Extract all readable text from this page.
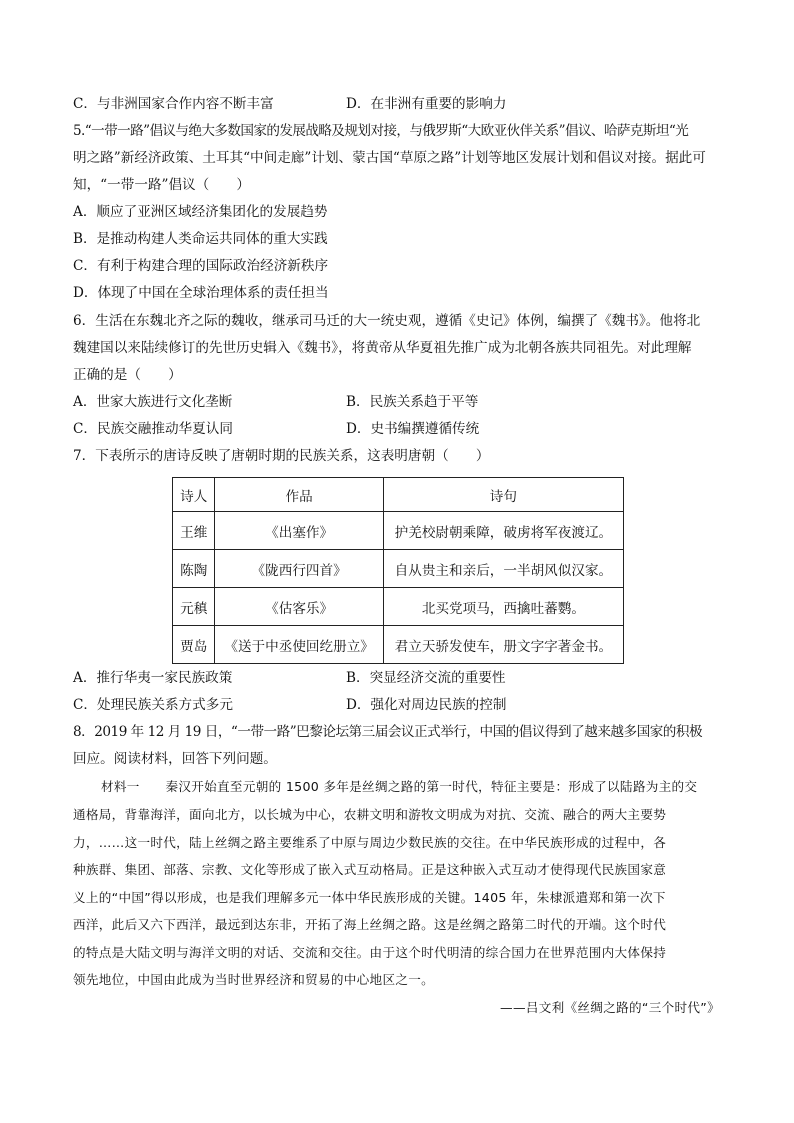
C．与非洲国家合作内容不断丰富	D．在非洲有重要的影响力
5.“一带一路”倡议与绝大多数国家的发展战略及规划对接，与俄罗斯“大欧亚伙伴关系”倡议、哈萨克斯坦“光
明之路”新经济政策、土耳其“中间走廊”计划、蒙古国“草原之路”计划等地区发展计划和倡议对接。据此可
知，“一带一路”倡议（　　）
A．顺应了亚洲区域经济集团化的发展趋势
B．是推动构建人类命运共同体的重大实践
C．有利于构建合理的国际政治经济新秩序
D．体现了中国在全球治理体系的责任担当
6．生活在东魏北齐之际的魏收，继承司马迁的大一统史观，遵循《史记》体例，编撰了《魏书》。他将北
魏建国以来陆续修订的先世历史辑入《魏书》，将黄帝从华夏祖先推广成为北朝各族共同祖先。对此理解
正确的是（　　）
A．世家大族进行文化垄断	B．民族关系趋于平等
C．民族交融推动华夏认同	D．史书编撰遵循传统
7．下表所示的唐诗反映了唐朝时期的民族关系，这表明唐朝（　　）
诗人	作品	诗句
王维	《出塞作》	护羌校尉朝乘障，破虏将军夜渡辽。
陈陶	《陇西行四首》	自从贵主和亲后，一半胡风似汉家。
元稹	《估客乐》	北买党项马，西擒吐蕃鹦。
贾岛	《送于中丞使回纥册立》	君立天骄发使车，册文字字著金书。
A．推行华夷一家民族政策	B．突显经济交流的重要性
C．处理民族关系方式多元	D．强化对周边民族的控制
8．2019 年 12 月 19 日，“一带一路”巴黎论坛第三届会议正式举行，中国的倡议得到了越来越多国家的积极
回应。阅读材料，回答下列问题。
材料一　　秦汉开始直至元朝的 1500 多年是丝绸之路的第一时代，特征主要是：形成了以陆路为主的交
通格局，背靠海洋，面向北方，以长城为中心，农耕文明和游牧文明成为对抗、交流、融合的两大主要势
力，……这一时代，陆上丝绸之路主要维系了中原与周边少数民族的交往。在中华民族形成的过程中，各
种族群、集团、部落、宗教、文化等形成了嵌入式互动格局。正是这种嵌入式互动才使得现代民族国家意
义上的“中国”得以形成，也是我们理解多元一体中华民族形成的关键。1405 年，朱棣派遣郑和第一次下
西洋，此后又六下西洋，最远到达东非，开拓了海上丝绸之路。这是丝绸之路第二时代的开端。这个时代
的特点是大陆文明与海洋文明的对话、交流和交往。由于这个时代明清的综合国力在世界范围内大体保持
领先地位，中国由此成为当时世界经济和贸易的中心地区之一。
——吕文利《丝绸之路的“三个时代”》
